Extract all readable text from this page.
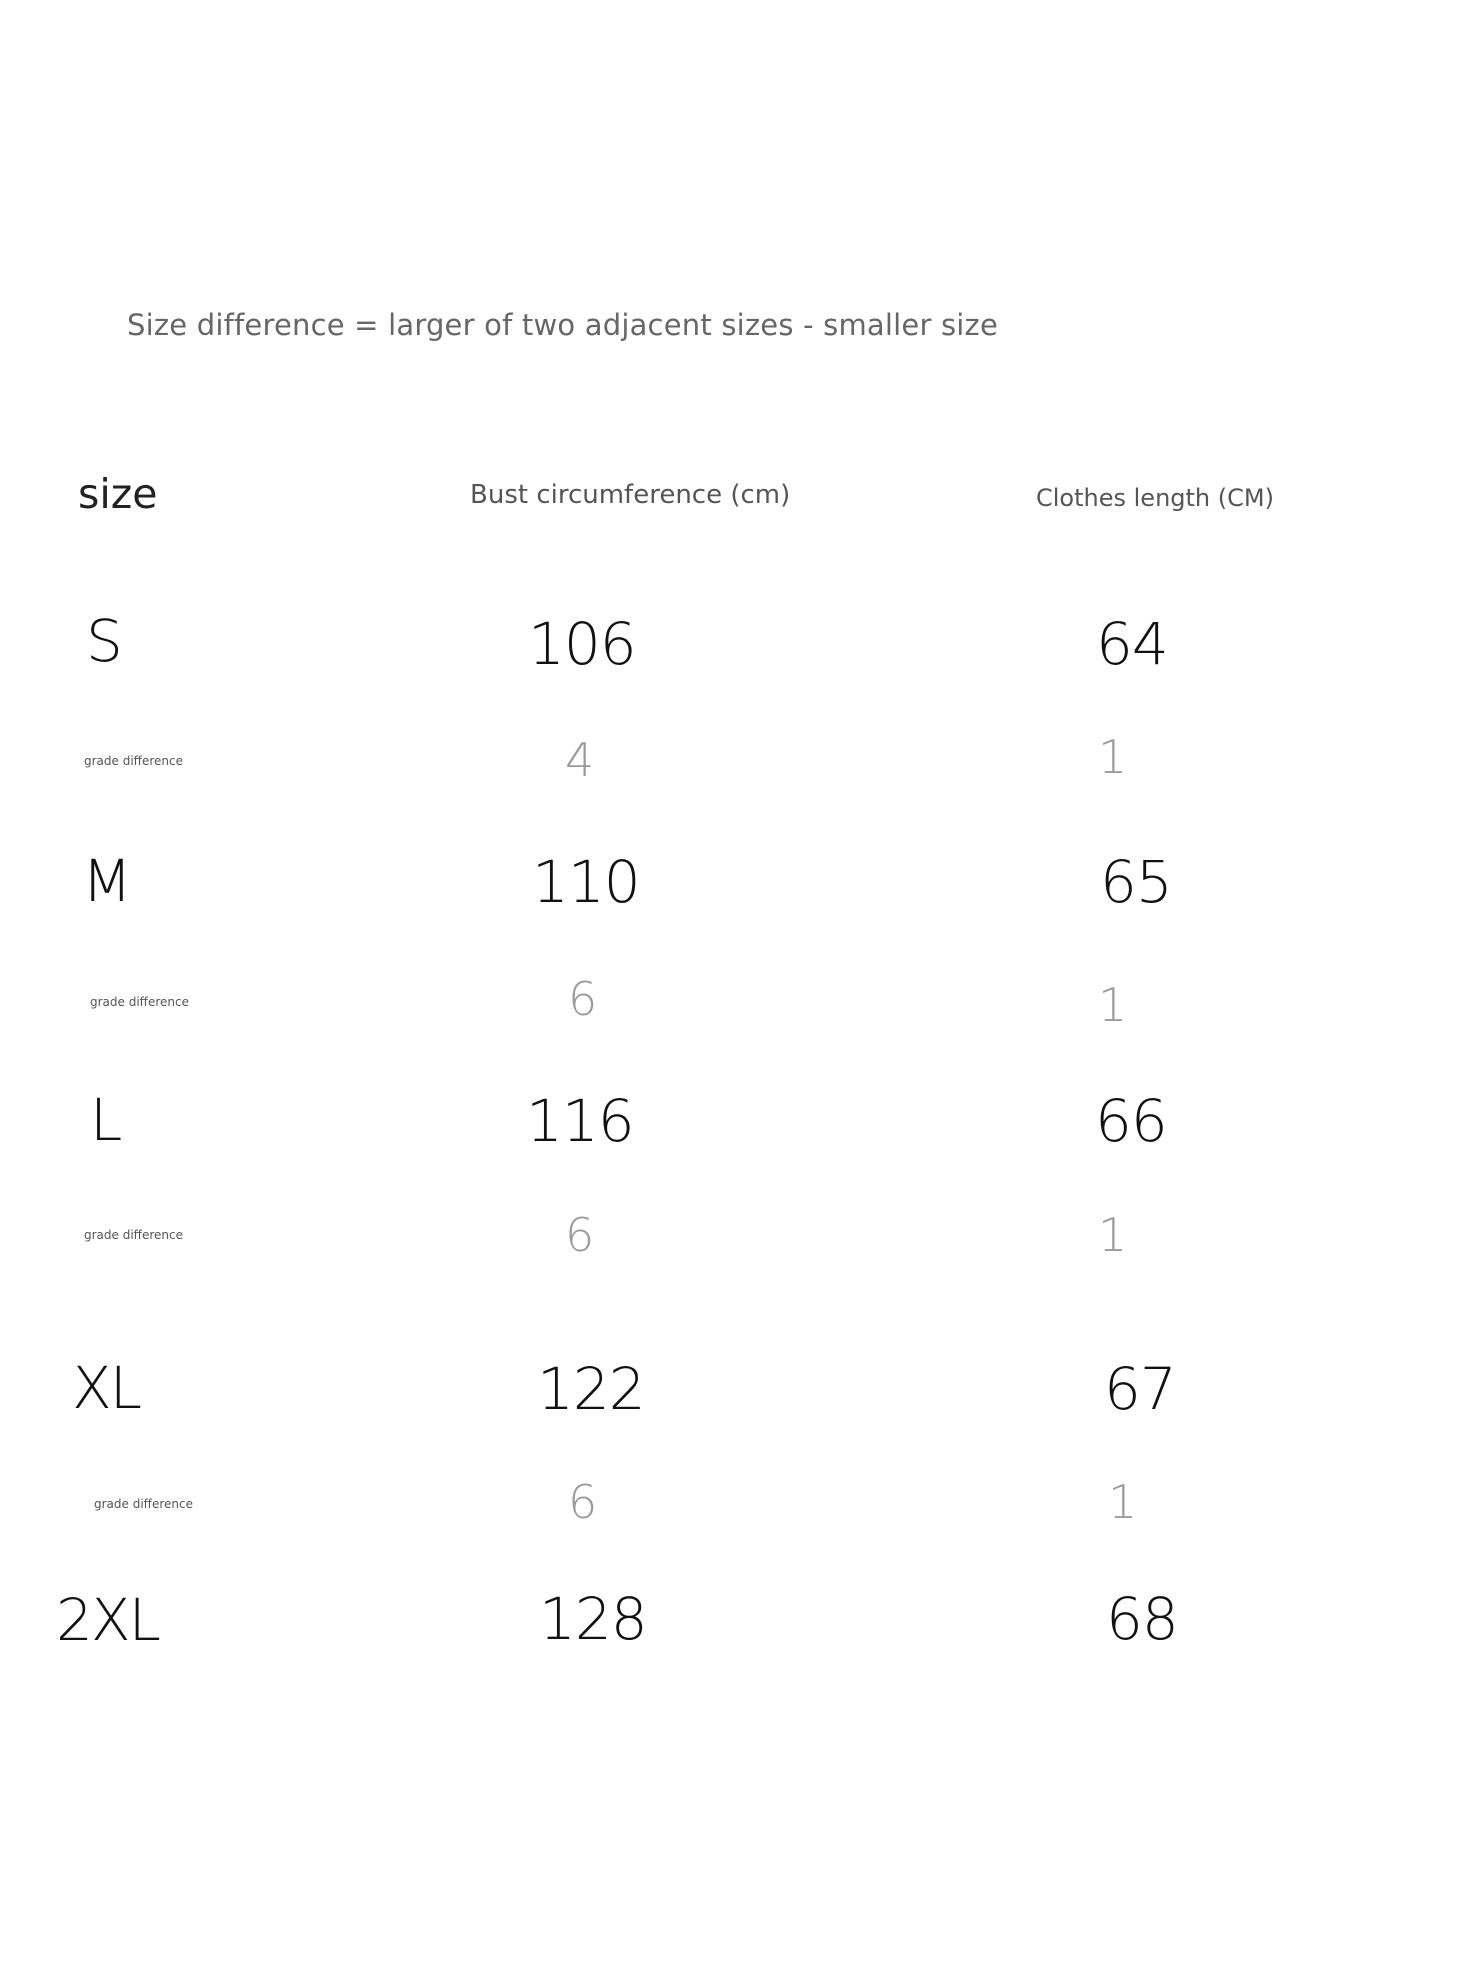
Size difference = larger of two adjacent sizes - smaller size
size	Bust circumference (cm)	Clothes length (CM)
S	106	64
grade difference	4	1
M	110	65
grade difference	6	1
L	116	66
grade difference	6	1
XL	122	67
grade difference	6	1
2XL	128	68
